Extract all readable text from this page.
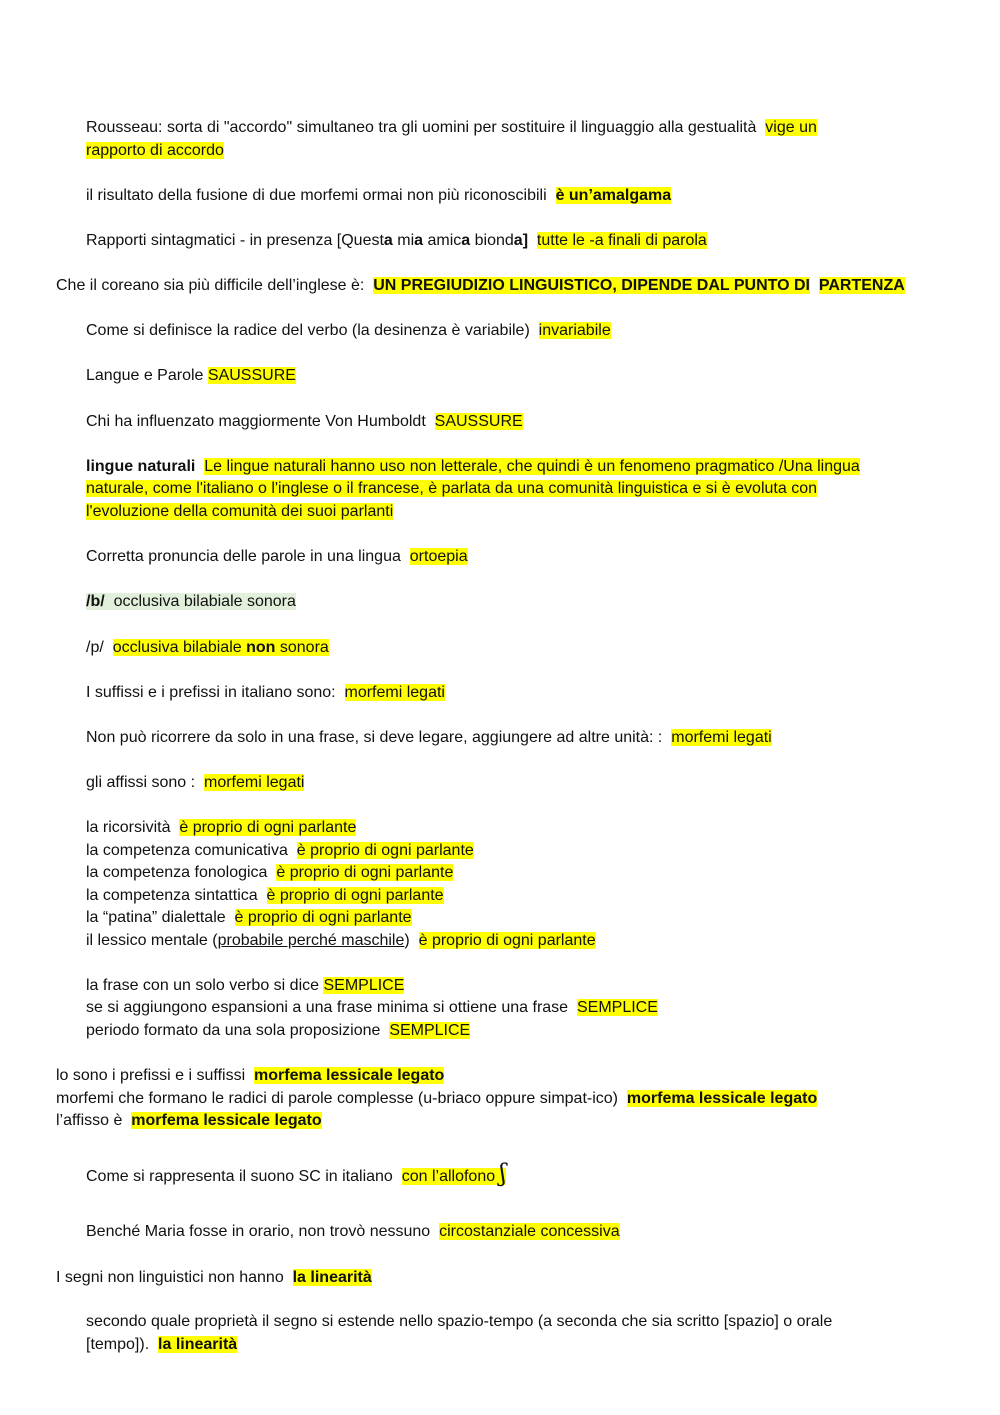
Rousseau: sorta di "accordo" simultaneo tra gli uomini per sostituire il linguaggio alla gestualità vige un
rapporto di accordo
il risultato della fusione di due morfemi ormai non più riconoscibili è un’amalgama
Rapporti sintagmatici - in presenza [Questa mia amica bionda] tutte le -a finali di parola
Che il coreano sia più difficile dell’inglese è: UN PREGIUDIZIO LINGUISTICO, DIPENDE DAL PUNTO DI PARTENZA
Come si definisce la radice del verbo (la desinenza è variabile) invariabile
Langue e Parole SAUSSURE
Chi ha influenzato maggiormente Von Humboldt SAUSSURE
lingue naturali Le lingue naturali hanno uso non letterale, che quindi è un fenomeno pragmatico /Una lingua
naturale, come l'italiano o l'inglese o il francese, è parlata da una comunità linguistica e si è evoluta con
l'evoluzione della comunità dei suoi parlanti
Corretta pronuncia delle parole in una lingua ortoepia
/b/ occlusiva bilabiale sonora
/p/ occlusiva bilabiale non sonora
I suffissi e i prefissi in italiano sono: morfemi legati
Non può ricorrere da solo in una frase, si deve legare, aggiungere ad altre unità: : morfemi legati
gli affissi sono : morfemi legati
la ricorsività è proprio di ogni parlante
la competenza comunicativa è proprio di ogni parlante
la competenza fonologica è proprio di ogni parlante
la competenza sintattica è proprio di ogni parlante
la “patina” dialettale è proprio di ogni parlante
il lessico mentale (probabile perché maschile) è proprio di ogni parlante
la frase con un solo verbo si dice SEMPLICE
se si aggiungono espansioni a una frase minima si ottiene una frase SEMPLICE
periodo formato da una sola proposizione SEMPLICE
lo sono i prefissi e i suffissi morfema lessicale legato
morfemi che formano le radici di parole complesse (u-briaco oppure simpat-ico) morfema lessicale legato
l’affisso è morfema lessicale legato
Come si rappresenta il suono SC in italiano con l’allofono ʃ
Benché Maria fosse in orario, non trovò nessuno circostanziale concessiva
I segni non linguistici non hanno la linearità
secondo quale proprietà il segno si estende nello spazio-tempo (a seconda che sia scritto [spazio] o orale
[tempo]). la linearità
